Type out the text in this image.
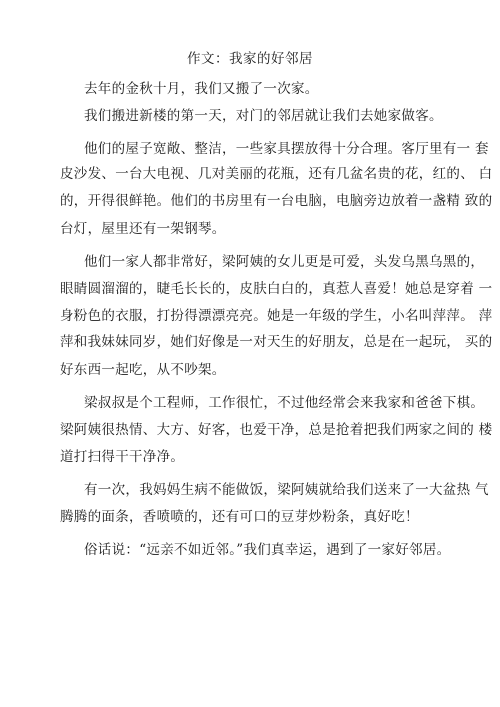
作文：我家的好邻居
去年的金秋十月，我们又搬了一次家。
我们搬进新楼的第一天，对门的邻居就让我们去她家做客。
他们的屋子宽敞、整洁，一些家具摆放得十分合理。客厅里有一 套
皮沙发、一台大电视、几对美丽的花瓶，还有几盆名贵的花，红的、 白
的，开得很鲜艳。他们的书房里有一台电脑，电脑旁边放着一盏精 致的
台灯，屋里还有一架钢琴。
他们一家人都非常好，梁阿姨的女儿更是可爱，头发乌黑乌黑的，
眼睛圆溜溜的，睫毛长长的，皮肤白白的，真惹人喜爱！她总是穿着 一
身粉色的衣服，打扮得漂漂亮亮。她是一年级的学生，小名叫萍萍。 萍
萍和我妹妹同岁，她们好像是一对天生的好朋友，总是在一起玩， 买的
好东西一起吃，从不吵架。
梁叔叔是个工程师，工作很忙，不过他经常会来我家和爸爸下棋。
梁阿姨很热情、大方、好客，也爱干净，总是抢着把我们两家之间的 楼
道打扫得干干净净。
有一次，我妈妈生病不能做饭，梁阿姨就给我们送来了一大盆热 气
腾腾的面条，香喷喷的，还有可口的豆芽炒粉条，真好吃！
俗话说：“远亲不如近邻。”我们真幸运，遇到了一家好邻居。
